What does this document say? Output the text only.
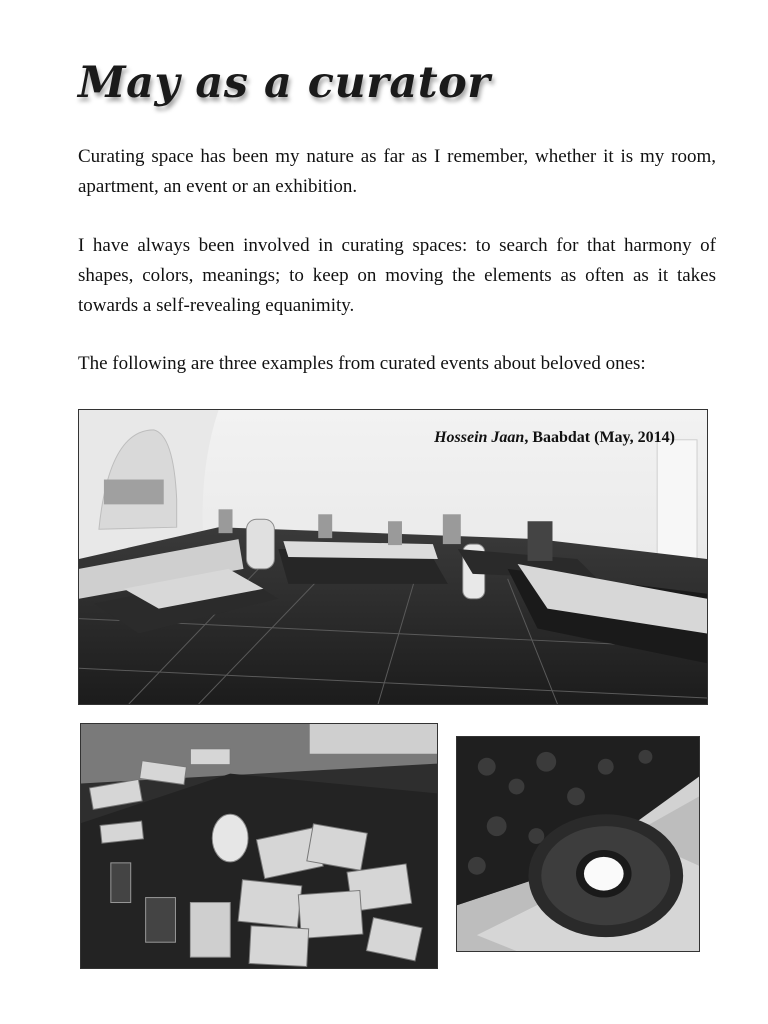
May as a curator

Curating space has been my nature as far as I remember, whether it is my room, apartment, an event or an exhibition.

I have always been involved in curating spaces: to search for that harmony of shapes, colors, meanings; to keep on moving the elements as often as it takes towards a self-revealing equanimity.

The following are three examples from curated events about beloved ones:

Hossein Jaan, Baabdat (May, 2014)
